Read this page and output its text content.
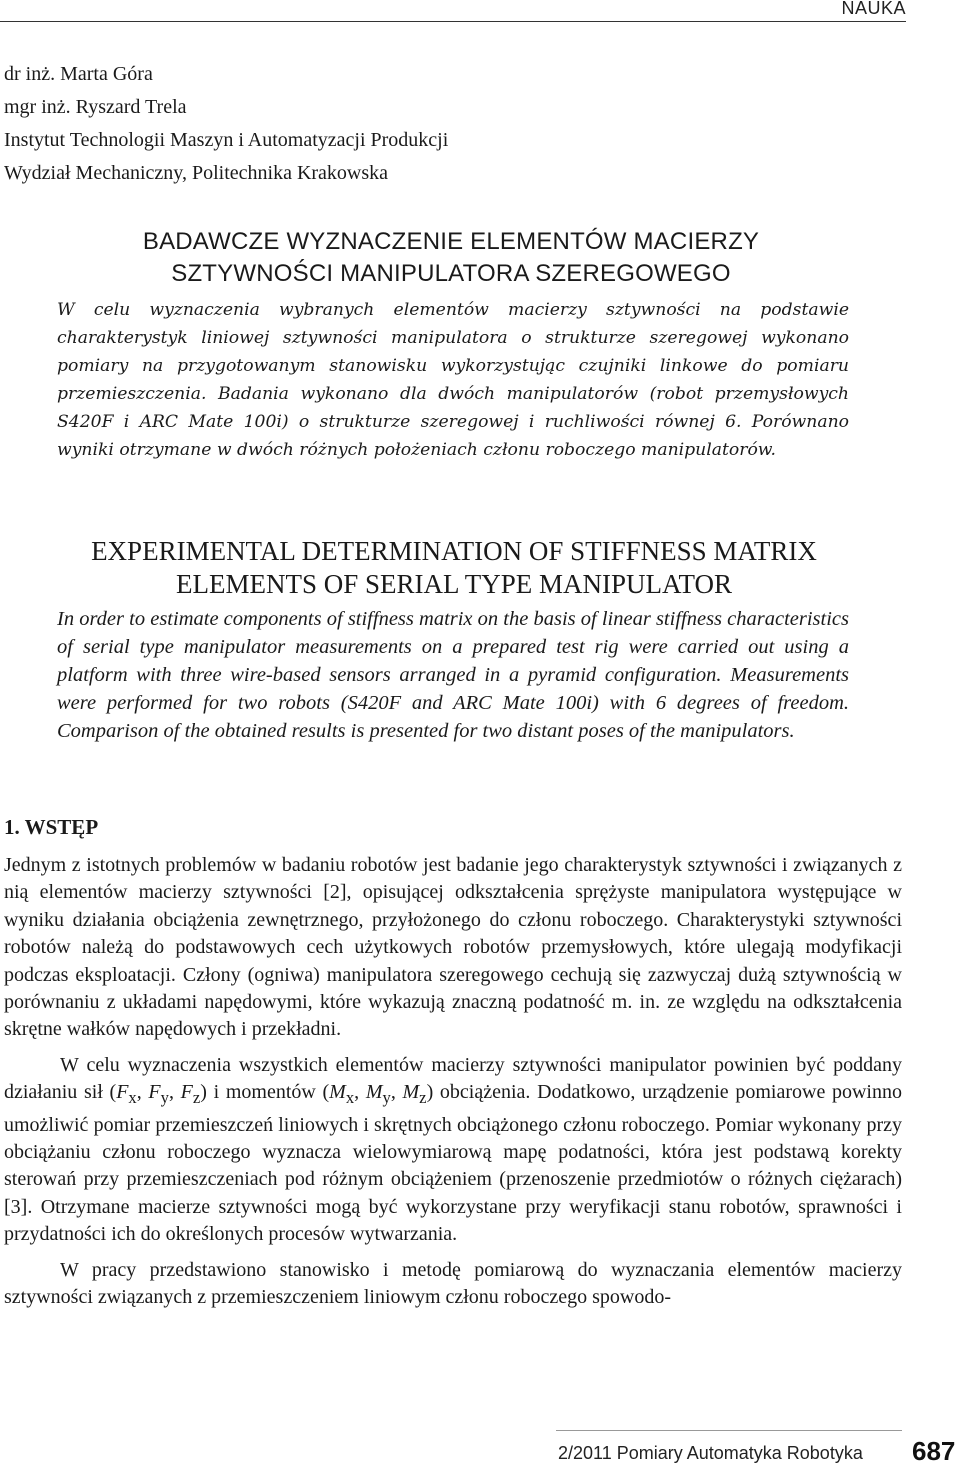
NAUKA
dr inż. Marta Góra
mgr inż. Ryszard Trela
Instytut Technologii Maszyn i Automatyzacji Produkcji
Wydział Mechaniczny, Politechnika Krakowska
BADAWCZE WYZNACZENIE ELEMENTÓW MACIERZY
SZTYWNOŚCI MANIPULATORA SZEREGOWEGO
W celu wyznaczenia wybranych elementów macierzy sztywności na podstawie charakterystyk liniowej sztywności manipulatora o strukturze szeregowej wykonano pomiary na przygotowanym stanowisku wykorzystując czujniki linkowe do pomiaru przemieszczenia. Badania wykonano dla dwóch manipulatorów (robot przemysłowych S420F i ARC Mate 100i) o strukturze szeregowej i ruchliwości równej 6. Porównano wyniki otrzymane w dwóch różnych położeniach członu roboczego manipulatorów.
EXPERIMENTAL DETERMINATION OF STIFFNESS MATRIX
ELEMENTS OF SERIAL TYPE MANIPULATOR
In order to estimate components of stiffness matrix on the basis of linear stiffness characteristics of serial type manipulator measurements on a prepared test rig were carried out using a platform with three wire-based sensors arranged in a pyramid configuration. Measurements were performed for two robots (S420F and ARC Mate 100i) with 6 degrees of freedom. Comparison of the obtained results is presented for two distant poses of the manipulators.
1. WSTĘP

Jednym z istotnych problemów w badaniu robotów jest badanie jego charakterystyk sztywności i związanych z nią elementów macierzy sztywności [2], opisującej odkształcenia sprężyste manipulatora występujące w wyniku działania obciążenia zewnętrznego, przyłożonego do członu roboczego. Charakterystyki sztywności robotów należą do podstawowych cech użytkowych robotów przemysłowych, które ulegają modyfikacji podczas eksploatacji. Człony (ogniwa) manipulatora szeregowego cechują się zazwyczaj dużą sztywnością w porównaniu z układami napędowymi, które wykazują znaczną podatność m. in. ze względu na odkształcenia skrętne wałków napędowych i przekładni.

W celu wyznaczenia wszystkich elementów macierzy sztywności manipulator powinien być poddany działaniu sił ($F_x$, $F_y$, $F_z$) i momentów ($M_x$, $M_y$, $M_z$) obciążenia. Dodatkowo, urządzenie pomiarowe powinno umożliwić pomiar przemieszczeń liniowych i skrętnych obciążonego członu roboczego. Pomiar wykonany przy obciążaniu członu roboczego wyznacza wielowymiarową mapę podatności, która jest podstawą korekty sterowań przy przemieszczeniach pod różnym obciążeniem (przenoszenie przedmiotów o różnych ciężarach) [3]. Otrzymane macierze sztywności mogą być wykorzystane przy weryfikacji stanu robotów, sprawności i przydatności ich do określonych procesów wytwarzania.

W pracy przedstawiono stanowisko i metodę pomiarową do wyznaczania elementów macierzy sztywności związanych z przemieszczeniem liniowym członu roboczego spowodo-

2/2011 Pomiary Automatyka Robotyka 687
